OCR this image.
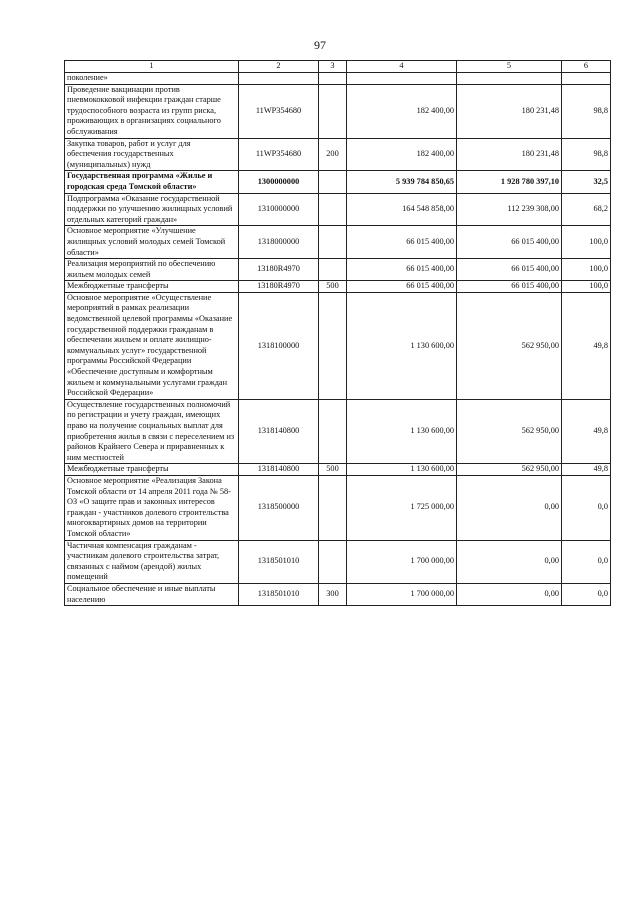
97
1	2	3	4	5	6
поколение»					
Проведение вакцинации против пневмококковой инфекции граждан старше трудоспособного возраста из групп риска, проживающих в организациях социального обслуживания	11WP354680		182 400,00	180 231,48	98,8
Закупка товаров, работ и услуг для обеспечения государственных (муниципальных) нужд	11WP354680	200	182 400,00	180 231,48	98,8
Государственная программа «Жилье и городская среда Томской области»	1300000000		5 939 784 850,65	1 928 780 397,10	32,5
Подпрограмма «Оказание государственной поддержки по улучшению жилищных условий отдельных категорий граждан»	1310000000		164 548 858,00	112 239 308,00	68,2
Основное мероприятие «Улучшение жилищных условий молодых семей Томской области»	1318000000		66 015 400,00	66 015 400,00	100,0
Реализация мероприятий по обеспечению жильем молодых семей	13180R4970		66 015 400,00	66 015 400,00	100,0
Межбюджетные трансферты	13180R4970	500	66 015 400,00	66 015 400,00	100,0
Основное мероприятие «Осуществление мероприятий в рамках реализации ведомственной целевой программы «Оказание государственной поддержки гражданам в обеспечении жильем и оплате жилищно-коммунальных услуг» государственной программы Российской Федерации «Обеспечение доступным и комфортным жильем и коммунальными услугами граждан Российской Федерации»	1318100000		1 130 600,00	562 950,00	49,8
Осуществление государственных полномочий по регистрации и учету граждан, имеющих право на получение социальных выплат для приобретения жилья в связи с переселением из районов Крайнего Севера и приравненных к ним местностей	1318140800		1 130 600,00	562 950,00	49,8
Межбюджетные трансферты	1318140800	500	1 130 600,00	562 950,00	49,8
Основное мероприятие «Реализация Закона Томской области от 14 апреля 2011 года № 58-ОЗ «О защите прав и законных интересов граждан - участников долевого строительства многоквартирных домов на территории Томской области»	1318500000		1 725 000,00	0,00	0,0
Частичная компенсация гражданам - участникам долевого строительства затрат, связанных с наймом (арендой) жилых помещений	1318501010		1 700 000,00	0,00	0,0
Социальное обеспечение и иные выплаты населению	1318501010	300	1 700 000,00	0,00	0,0
